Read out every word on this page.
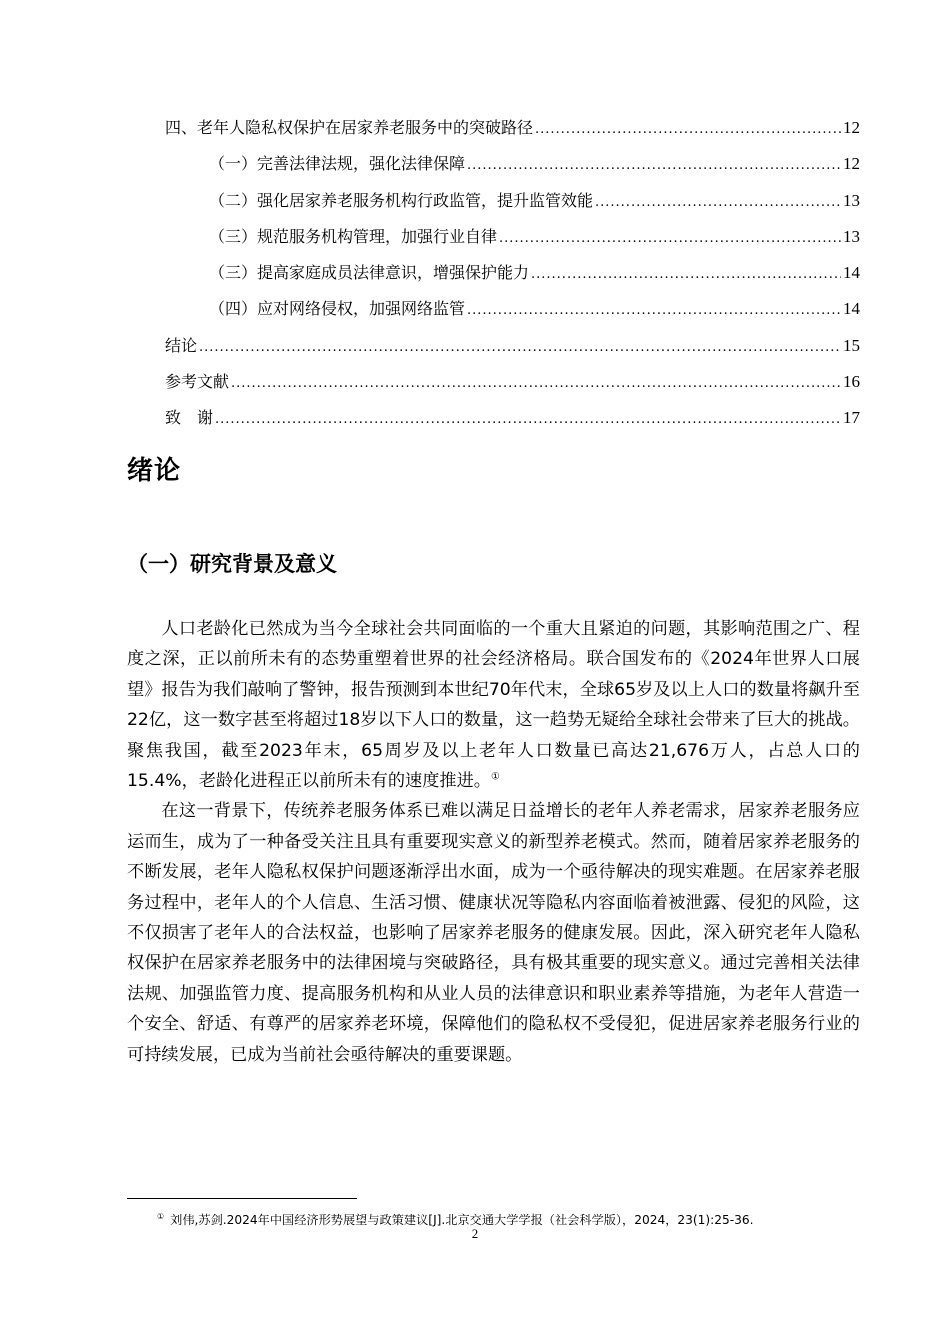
四、老年人隐私权保护在居家养老服务中的突破路径 .....	12
（一）完善法律法规，强化法律保障 .....	12
（二）强化居家养老服务机构行政监管，提升监管效能 .....	13
（三）规范服务机构管理，加强行业自律 .....	13
（三）提高家庭成员法律意识，增强保护能力 .....	14
（四）应对网络侵权，加强网络监管 .....	14
结论 .....	15
参考文献 .....	16
致　谢 .....	17
绪论
（一）研究背景及意义

人口老龄化已然成为当今全球社会共同面临的一个重大且紧迫的问题，其影响范围之广、程度之深，正以前所未有的态势重塑着世界的社会经济格局。联合国发布的《2024年世界人口展望》报告为我们敲响了警钟，报告预测到本世纪70年代末，全球65岁及以上人口的数量将飙升至22亿，这一数字甚至将超过18岁以下人口的数量，这一趋势无疑给全球社会带来了巨大的挑战。聚焦我国，截至2023年末，65周岁及以上老年人口数量已高达21,676万人，占总人口的15.4%，老龄化进程正以前所未有的速度推进。①

在这一背景下，传统养老服务体系已难以满足日益增长的老年人养老需求，居家养老服务应运而生，成为了一种备受关注且具有重要现实意义的新型养老模式。然而，随着居家养老服务的不断发展，老年人隐私权保护问题逐渐浮出水面，成为一个亟待解决的现实难题。在居家养老服务过程中，老年人的个人信息、生活习惯、健康状况等隐私内容面临着被泄露、侵犯的风险，这不仅损害了老年人的合法权益，也影响了居家养老服务的健康发展。因此，深入研究老年人隐私权保护在居家养老服务中的法律困境与突破路径，具有极其重要的现实意义。通过完善相关法律法规、加强监管力度、提高服务机构和从业人员的法律意识和职业素养等措施，为老年人营造一个安全、舒适、有尊严的居家养老环境，保障他们的隐私权不受侵犯，促进居家养老服务行业的可持续发展，已成为当前社会亟待解决的重要课题。

① 刘伟,苏剑.2024年中国经济形势展望与政策建议[J].北京交通大学学报（社会科学版），2024，23(1):25-36.
2
